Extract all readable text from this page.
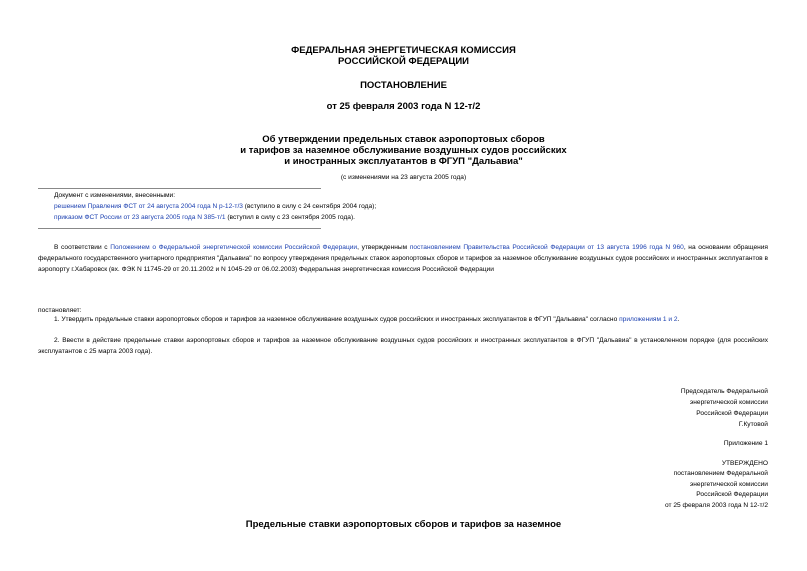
ФЕДЕРАЛЬНАЯ ЭНЕРГЕТИЧЕСКАЯ КОМИССИЯ
РОССИЙСКОЙ ФЕДЕРАЦИИ
ПОСТАНОВЛЕНИЕ
от 25 февраля 2003 года N 12-т/2
Об утверждении предельных ставок аэропортовых сборов
и тарифов за наземное обслуживание воздушных судов российских
и иностранных эксплуатантов в ФГУП "Дальавиа"
(с изменениями на 23 августа 2005 года)
Документ с изменениями, внесенными:
решением Правления ФСТ от 24 августа 2004 года N р-12-т/3 (вступило в силу с 24 сентября 2004 года);
приказом ФСТ России от 23 августа 2005 года N 385-т/1 (вступил в силу с 23 сентября 2005 года).
В соответствии с Положением о Федеральной энергетической комиссии Российской Федерации, утвержденным постановлением Правительства Российской Федерации от 13 августа 1996 года N 960, на основании обращения федерального государственного унитарного предприятия "Дальавиа" по вопросу утверждения предельных ставок аэропортовых сборов и тарифов за наземное обслуживание воздушных судов российских и иностранных эксплуатантов в аэропорту г.Хабаровск (вх. ФЭК N 11745-29 от 20.11.2002 и N 1045-29 от 06.02.2003) Федеральная энергетическая комиссия Российской Федерации
постановляет:
1. Утвердить предельные ставки аэропортовых сборов и тарифов за наземное обслуживание воздушных судов российских и иностранных эксплуатантов в ФГУП "Дальавиа" согласно приложениям 1 и 2.
2. Ввести в действие предельные ставки аэропортовых сборов и тарифов за наземное обслуживание воздушных судов российских и иностранных эксплуатантов в ФГУП "Дальавиа" в установленном порядке (для российских эксплуатантов с 25 марта 2003 года).
Председатель Федеральной
энергетической комиссии
Российской Федерации
Г.Кутовой
Приложение 1
УТВЕРЖДЕНО
постановлением Федеральной
энергетической комиссии
Российской Федерации
от 25 февраля 2003 года N 12-т/2
Предельные ставки аэропортовых сборов и тарифов за наземное
